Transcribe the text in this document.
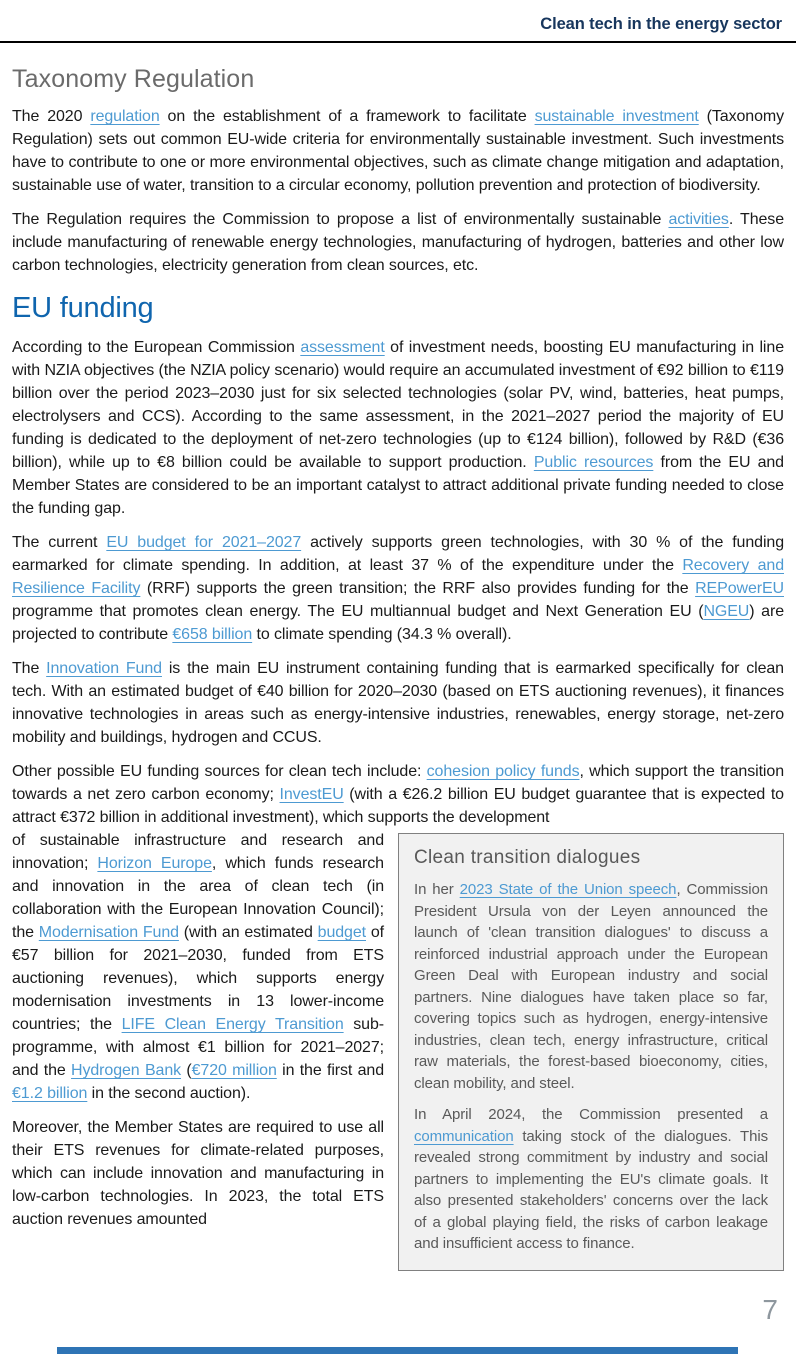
Clean tech in the energy sector
Taxonomy Regulation

The 2020 regulation on the establishment of a framework to facilitate sustainable investment (Taxonomy Regulation) sets out common EU-wide criteria for environmentally sustainable investment. Such investments have to contribute to one or more environmental objectives, such as climate change mitigation and adaptation, sustainable use of water, transition to a circular economy, pollution prevention and protection of biodiversity.

The Regulation requires the Commission to propose a list of environmentally sustainable activities. These include manufacturing of renewable energy technologies, manufacturing of hydrogen, batteries and other low carbon technologies, electricity generation from clean sources, etc.

EU funding

According to the European Commission assessment of investment needs, boosting EU manufacturing in line with NZIA objectives (the NZIA policy scenario) would require an accumulated investment of €92 billion to €119 billion over the period 2023–2030 just for six selected technologies (solar PV, wind, batteries, heat pumps, electrolysers and CCS). According to the same assessment, in the 2021–2027 period the majority of EU funding is dedicated to the deployment of net-zero technologies (up to €124 billion), followed by R&D (€36 billion), while up to €8 billion could be available to support production. Public resources from the EU and Member States are considered to be an important catalyst to attract additional private funding needed to close the funding gap.

The current EU budget for 2021–2027 actively supports green technologies, with 30 % of the funding earmarked for climate spending. In addition, at least 37 % of the expenditure under the Recovery and Resilience Facility (RRF) supports the green transition; the RRF also provides funding for the REPowerEU programme that promotes clean energy. The EU multiannual budget and Next Generation EU (NGEU) are projected to contribute €658 billion to climate spending (34.3 % overall).

The Innovation Fund is the main EU instrument containing funding that is earmarked specifically for clean tech. With an estimated budget of €40 billion for 2020–2030 (based on ETS auctioning revenues), it finances innovative technologies in areas such as energy-intensive industries, renewables, energy storage, net-zero mobility and buildings, hydrogen and CCUS.

Other possible EU funding sources for clean tech include: cohesion policy funds, which support the transition towards a net zero carbon economy; InvestEU (with a €26.2 billion EU budget guarantee that is expected to attract €372 billion in additional investment), which supports the development

Clean transition dialogues

In her 2023 State of the Union speech, Commission President Ursula von der Leyen announced the launch of 'clean transition dialogues' to discuss a reinforced industrial approach under the European Green Deal with European industry and social partners. Nine dialogues have taken place so far, covering topics such as hydrogen, energy-intensive industries, clean tech, energy infrastructure, critical raw materials, the forest-based bioeconomy, cities, clean mobility, and steel.

In April 2024, the Commission presented a communication taking stock of the dialogues. This revealed strong commitment by industry and social partners to implementing the EU's climate goals. It also presented stakeholders' concerns over the lack of a global playing field, the risks of carbon leakage and insufficient access to finance.

of sustainable infrastructure and research and innovation; Horizon Europe, which funds research and innovation in the area of clean tech (in collaboration with the European Innovation Council); the Modernisation Fund (with an estimated budget of €57 billion for 2021–2030, funded from ETS auctioning revenues), which supports energy modernisation investments in 13 lower-income countries; the LIFE Clean Energy Transition sub-programme, with almost €1 billion for 2021–2027; and the Hydrogen Bank (€720 million in the first and €1.2 billion in the second auction).

Moreover, the Member States are required to use all their ETS revenues for climate-related purposes, which can include innovation and manufacturing in low-carbon technologies. In 2023, the total ETS auction revenues amounted

7
